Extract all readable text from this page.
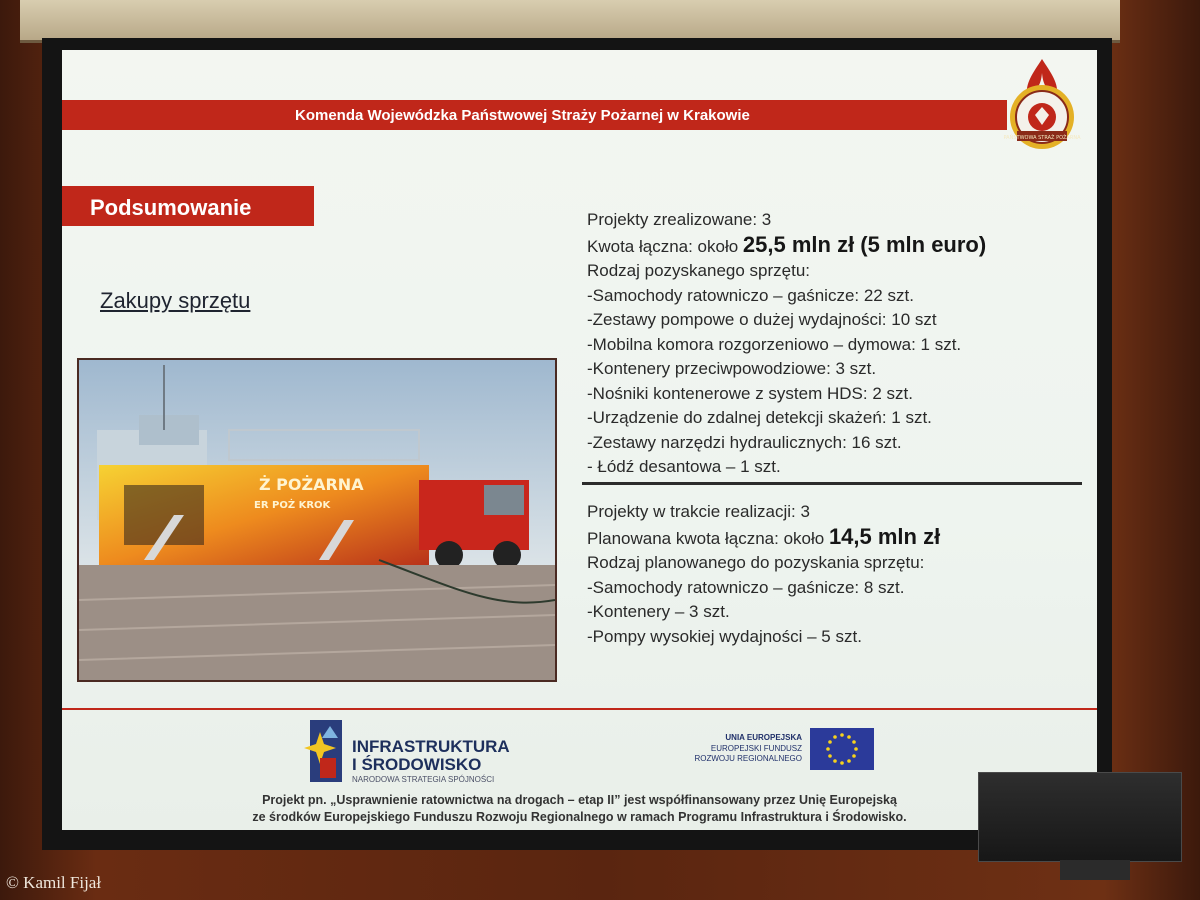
Komenda Wojewódzka Państwowej Straży Pożarnej w Krakowie
PAŃSTWOWA STRAŻ POŻARNA
Podsumowanie
Zakupy sprzętu
Ż POŻARNA
ER POŻ KROK
Projekty zrealizowane: 3
Kwota łączna: około 25,5 mln zł (5 mln euro)
Rodzaj pozyskanego sprzętu:
-Samochody ratowniczo – gaśnicze: 22 szt.
-Zestawy pompowe o dużej wydajności: 10 szt
-Mobilna komora rozgorzeniowo – dymowa: 1 szt.
-Kontenery przeciwpowodziowe: 3 szt.
-Nośniki kontenerowe z system HDS: 2 szt.
-Urządzenie do zdalnej detekcji skażeń: 1 szt.
-Zestawy narzędzi hydraulicznych: 16 szt.
- Łódź desantowa – 1 szt.
Projekty w trakcie realizacji: 3
Planowana kwota łączna: około 14,5 mln zł
Rodzaj planowanego do pozyskania sprzętu:
-Samochody ratowniczo – gaśnicze: 8 szt.
-Kontenery – 3 szt.
-Pompy wysokiej wydajności – 5 szt.
INFRASTRUKTURA
I ŚRODOWISKO
NARODOWA STRATEGIA SPÓJNOŚCI
UNIA EUROPEJSKA
EUROPEJSKI FUNDUSZ
ROZWOJU REGIONALNEGO
Projekt pn. „Usprawnienie ratownictwa na drogach – etap II” jest współfinansowany przez Unię Europejską
ze środków Europejskiego Funduszu Rozwoju Regionalnego w ramach Programu Infrastruktura i Środowisko.
© Kamil Fijał
